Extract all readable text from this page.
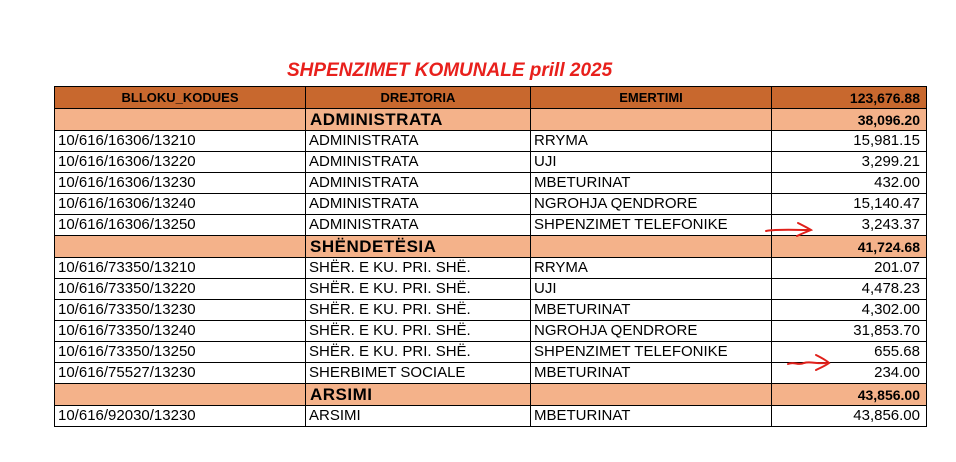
SHPENZIMET KOMUNALE prill 2025
BLLOKU_KODUES	DREJTORIA	EMERTIMI	123,676.88
	ADMINISTRATA		38,096.20
10/616/16306/13210	ADMINISTRATA	RRYMA	15,981.15
10/616/16306/13220	ADMINISTRATA	UJI	3,299.21
10/616/16306/13230	ADMINISTRATA	MBETURINAT	432.00
10/616/16306/13240	ADMINISTRATA	NGROHJA QENDRORE	15,140.47
10/616/16306/13250	ADMINISTRATA	SHPENZIMET TELEFONIKE	3,243.37
	SHËNDETËSIA		41,724.68
10/616/73350/13210	SHËR. E KU. PRI. SHË.	RRYMA	201.07
10/616/73350/13220	SHËR. E KU. PRI. SHË.	UJI	4,478.23
10/616/73350/13230	SHËR. E KU. PRI. SHË.	MBETURINAT	4,302.00
10/616/73350/13240	SHËR. E KU. PRI. SHË.	NGROHJA QENDRORE	31,853.70
10/616/73350/13250	SHËR. E KU. PRI. SHË.	SHPENZIMET TELEFONIKE	655.68
10/616/75527/13230	SHERBIMET SOCIALE	MBETURINAT	234.00
	ARSIMI		43,856.00
10/616/92030/13230	ARSIMI	MBETURINAT	43,856.00
